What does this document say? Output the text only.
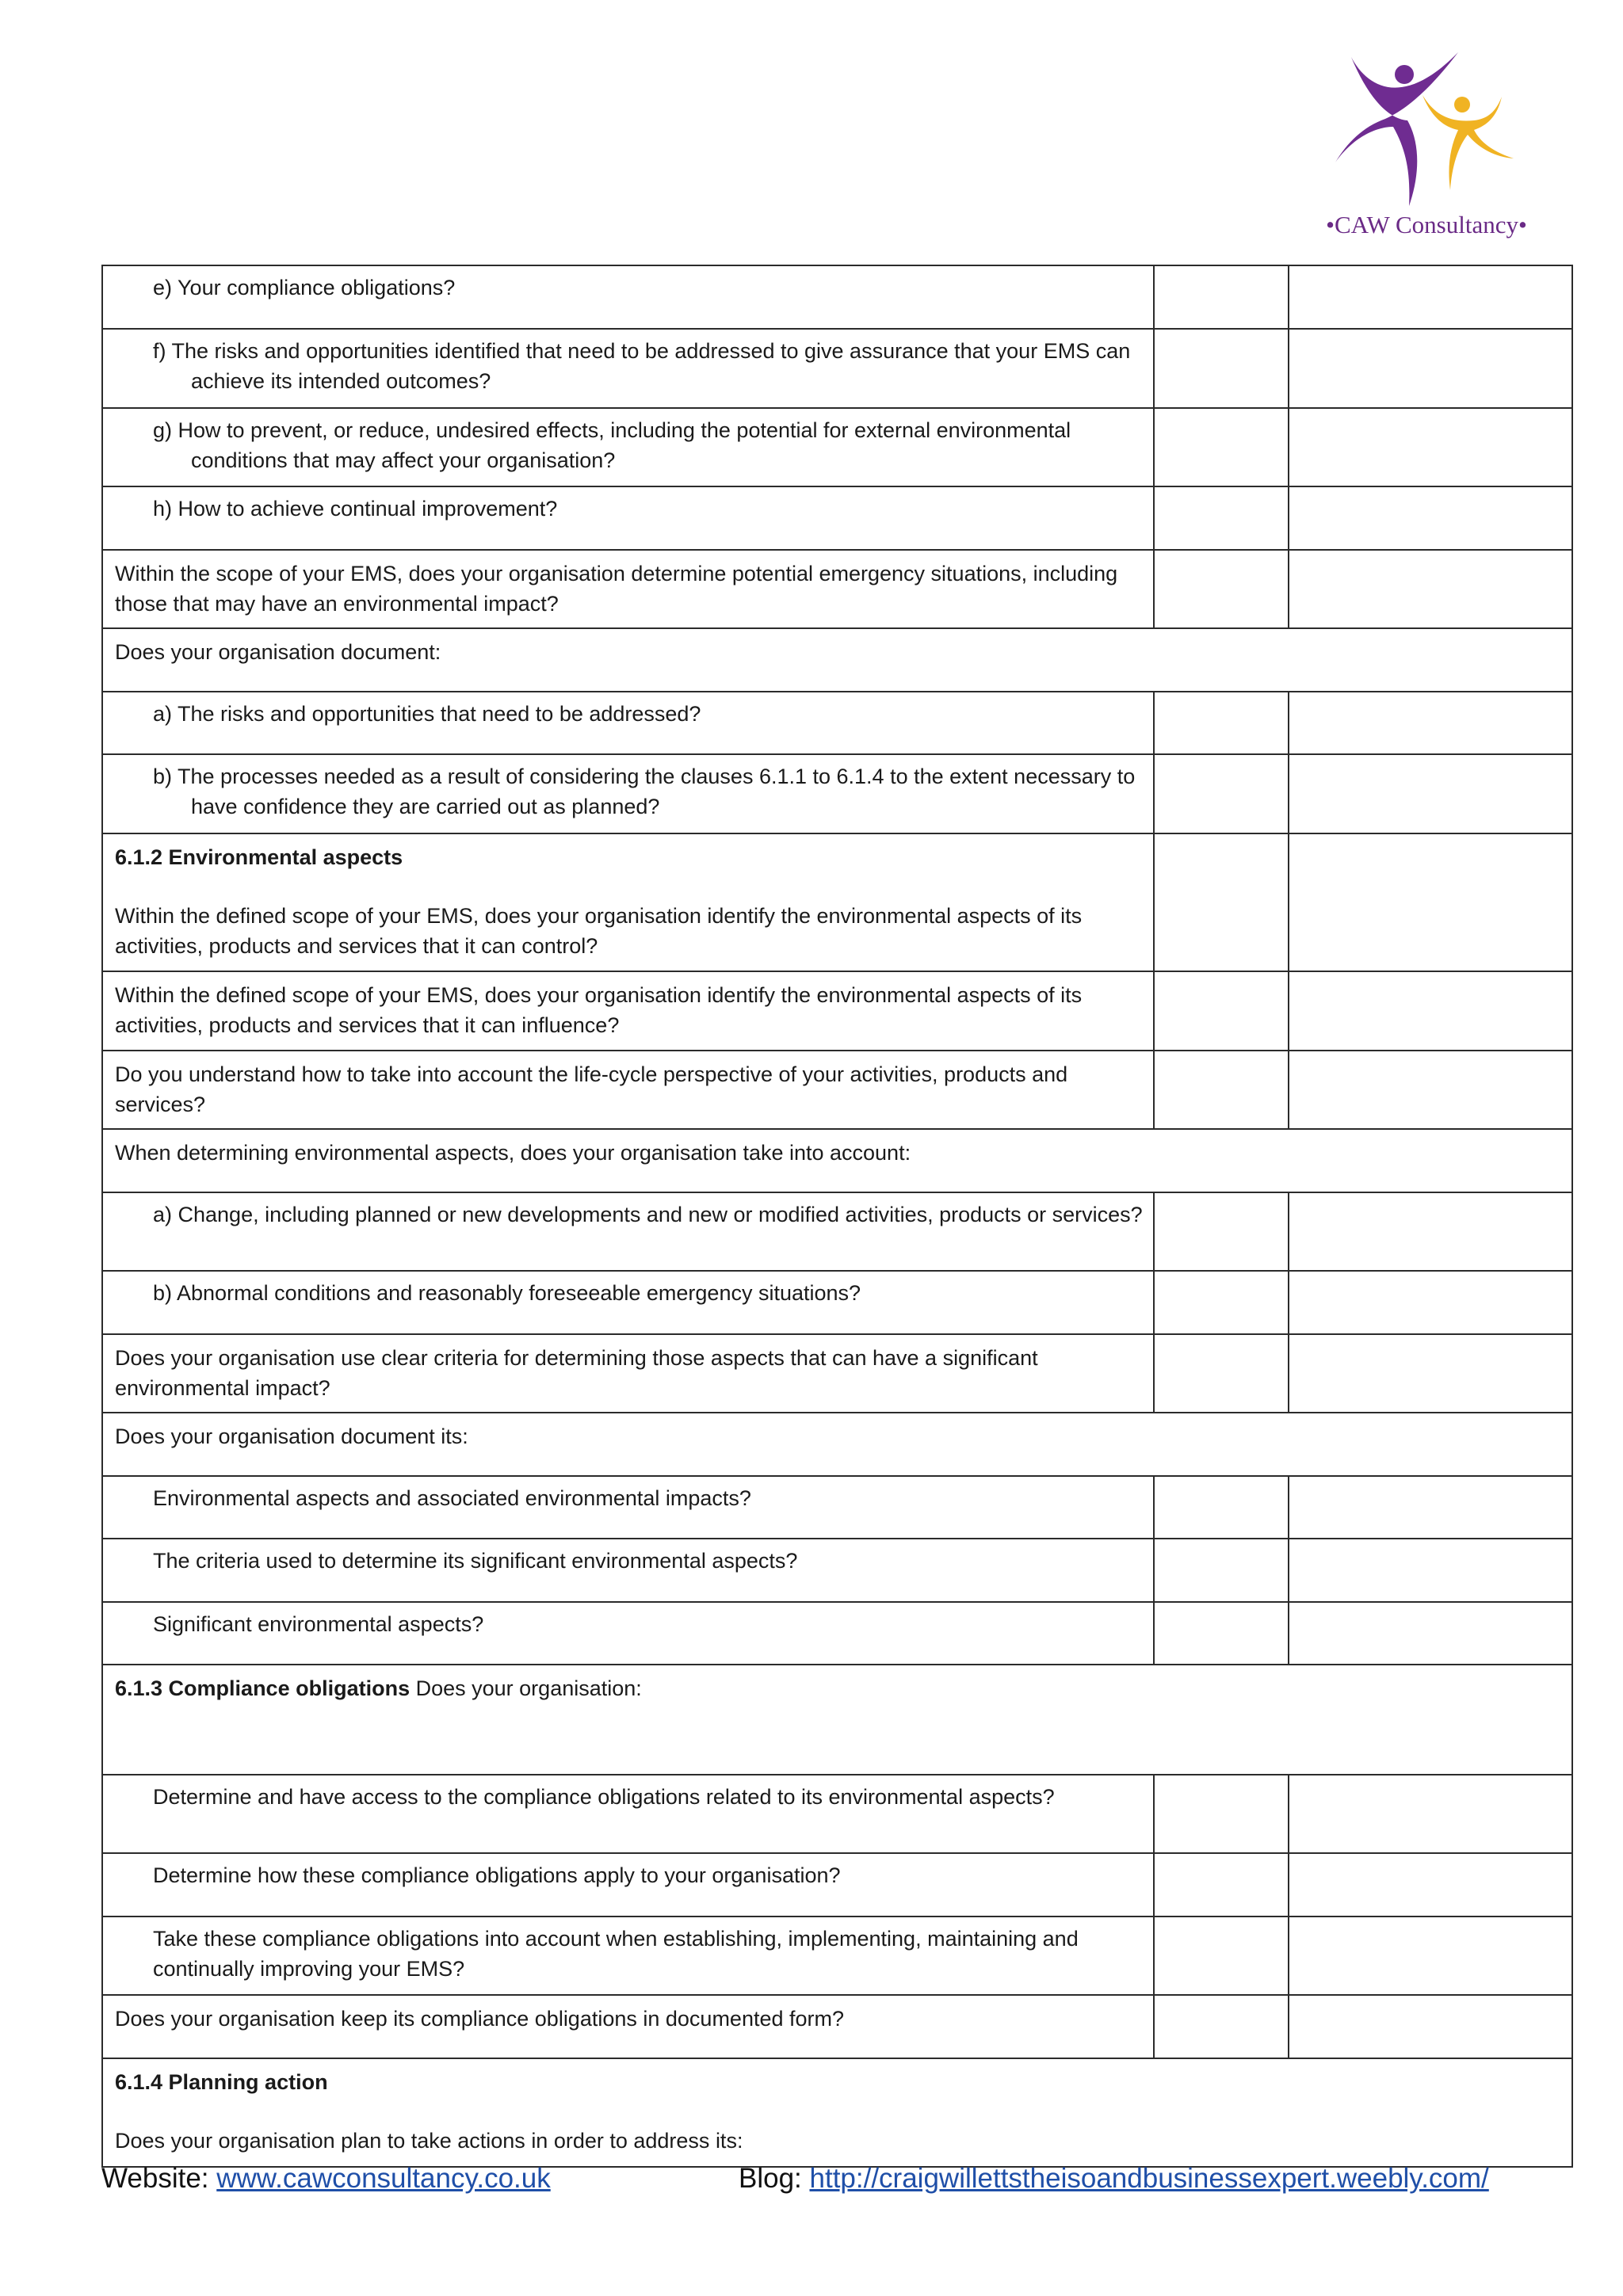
•CAW Consultancy•
e) Your compliance obligations?		
f) The risks and opportunities identified that need to be addressed to give assurance that your EMS can achieve its intended outcomes?		
g) How to prevent, or reduce, undesired effects, including the potential for external environmental conditions that may affect your organisation?		
h) How to achieve continual improvement?		
Within the scope of your EMS, does your organisation determine potential emergency situations, including those that may have an environmental impact?		
Does your organisation document:		
a) The risks and opportunities that need to be addressed?		
b) The processes needed as a result of considering the clauses 6.1.1 to 6.1.4 to the extent necessary to have confidence they are carried out as planned?		
6.1.2 Environmental aspects
Within the defined scope of your EMS, does your organisation identify the environmental aspects of its activities, products and services that it can control?		
Within the defined scope of your EMS, does your organisation identify the environmental aspects of its activities, products and services that it can influence?		
Do you understand how to take into account the life-cycle perspective of your activities, products and services?		
When determining environmental aspects, does your organisation take into account:		
a) Change, including planned or new developments and new or modified activities, products or services?		
b) Abnormal conditions and reasonably foreseeable emergency situations?		
Does your organisation use clear criteria for determining those aspects that can have a significant environmental impact?		
Does your organisation document its:		
Environmental aspects and associated environmental impacts?		
The criteria used to determine its significant environmental aspects?		
Significant environmental aspects?		
6.1.3 Compliance obligations Does your organisation:		
Determine and have access to the compliance obligations related to its environmental aspects?		
Determine how these compliance obligations apply to your organisation?		
Take these compliance obligations into account when establishing, implementing, maintaining and continually improving your EMS?		
Does your organisation keep its compliance obligations in documented form?		
6.1.4 Planning action
Does your organisation plan to take actions in order to address its:		
Website: www.cawconsultancy.co.uk	Blog: http://craigwillettstheisoandbusinessexpert.weebly.com/
